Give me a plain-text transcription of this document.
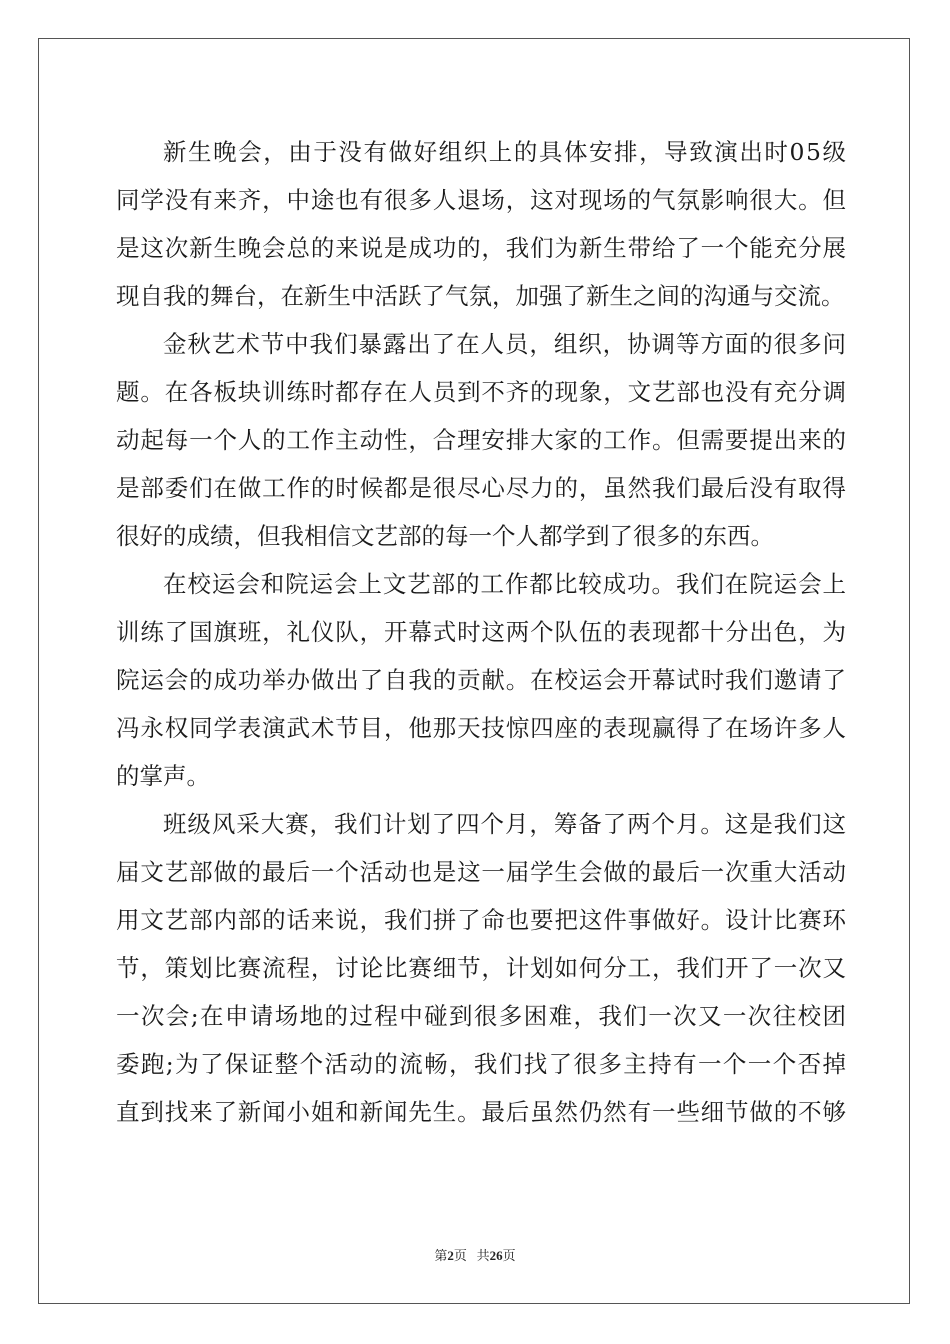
新生晚会，由于没有做好组织上的具体安排，导致演出时05级
同学没有来齐，中途也有很多人退场，这对现场的气氛影响很大。但
是这次新生晚会总的来说是成功的，我们为新生带给了一个能充分展
现自我的舞台，在新生中活跃了气氛，加强了新生之间的沟通与交流。
金秋艺术节中我们暴露出了在人员，组织，协调等方面的很多问
题。在各板块训练时都存在人员到不齐的现象，文艺部也没有充分调
动起每一个人的工作主动性，合理安排大家的工作。但需要提出来的
是部委们在做工作的时候都是很尽心尽力的，虽然我们最后没有取得
很好的成绩，但我相信文艺部的每一个人都学到了很多的东西。
在校运会和院运会上文艺部的工作都比较成功。我们在院运会上
训练了国旗班，礼仪队，开幕式时这两个队伍的表现都十分出色，为
院运会的成功举办做出了自我的贡献。在校运会开幕试时我们邀请了
冯永权同学表演武术节目，他那天技惊四座的表现赢得了在场许多人
的掌声。
班级风采大赛，我们计划了四个月，筹备了两个月。这是我们这
届文艺部做的最后一个活动也是这一届学生会做的最后一次重大活动
用文艺部内部的话来说，我们拼了命也要把这件事做好。设计比赛环
节，策划比赛流程，讨论比赛细节，计划如何分工，我们开了一次又
一次会;在申请场地的过程中碰到很多困难，我们一次又一次往校团
委跑;为了保证整个活动的流畅，我们找了很多主持有一个一个否掉
直到找来了新闻小姐和新闻先生。最后虽然仍然有一些细节做的不够
第2页 共26页
